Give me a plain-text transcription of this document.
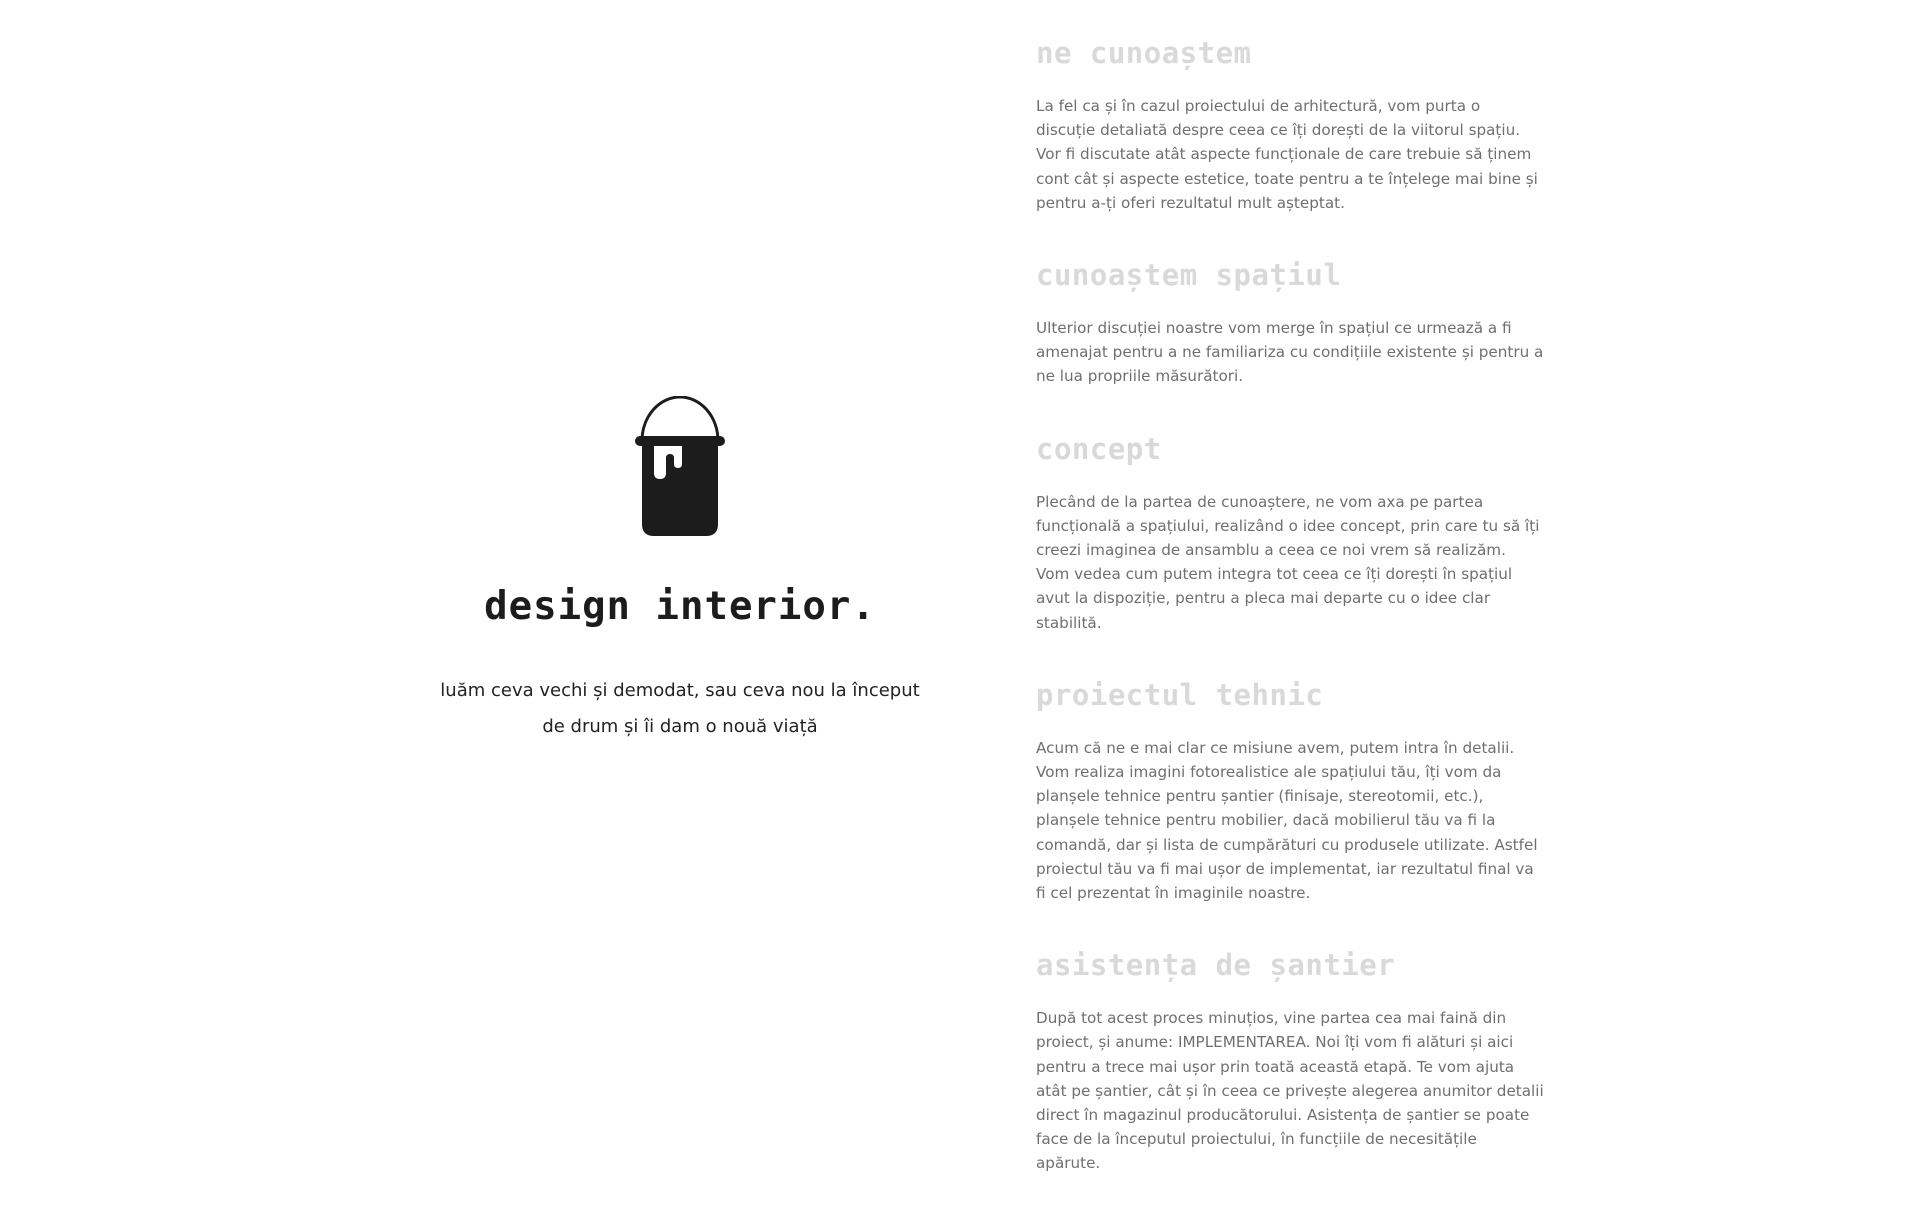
design interior.
luăm ceva vechi și demodat, sau ceva nou la început
de drum și îi dam o nouă viață
ne cunoaștem

La fel ca și în cazul proiectului de arhitectură, vom purta o discuție detaliată despre ceea ce îți dorești de la viitorul spațiu. Vor fi discutate atât aspecte funcționale de care trebuie să ținem cont cât și aspecte estetice, toate pentru a te înțelege mai bine și pentru a-ți oferi rezultatul mult așteptat.

cunoaștem spațiul

Ulterior discuției noastre vom merge în spațiul ce urmează a fi amenajat pentru a ne familiariza cu condițiile existente și pentru a ne lua propriile măsurători.

concept

Plecând de la partea de cunoaștere, ne vom axa pe partea funcțională a spațiului, realizând o idee concept, prin care tu să îți creezi imaginea de ansamblu a ceea ce noi vrem să realizăm. Vom vedea cum putem integra tot ceea ce îți dorești în spațiul avut la dispoziție, pentru a pleca mai departe cu o idee clar stabilită.

proiectul tehnic

Acum că ne e mai clar ce misiune avem, putem intra în detalii. Vom realiza imagini fotorealistice ale spațiului tău, îți vom da planșele tehnice pentru șantier (finisaje, stereotomii, etc.), planșele tehnice pentru mobilier, dacă mobilierul tău va fi la comandă, dar și lista de cumpărături cu produsele utilizate. Astfel proiectul tău va fi mai ușor de implementat, iar rezultatul final va fi cel prezentat în imaginile noastre.

asistența de șantier

După tot acest proces minuțios, vine partea cea mai faină din proiect, și anume: IMPLEMENTAREA. Noi îți vom fi alături și aici pentru a trece mai ușor prin toată această etapă. Te vom ajuta atât pe șantier, cât și în ceea ce privește alegerea anumitor detalii direct în magazinul producătorului. Asistența de șantier se poate face de la începutul proiectului, în funcțiile de necesitățile apărute.
